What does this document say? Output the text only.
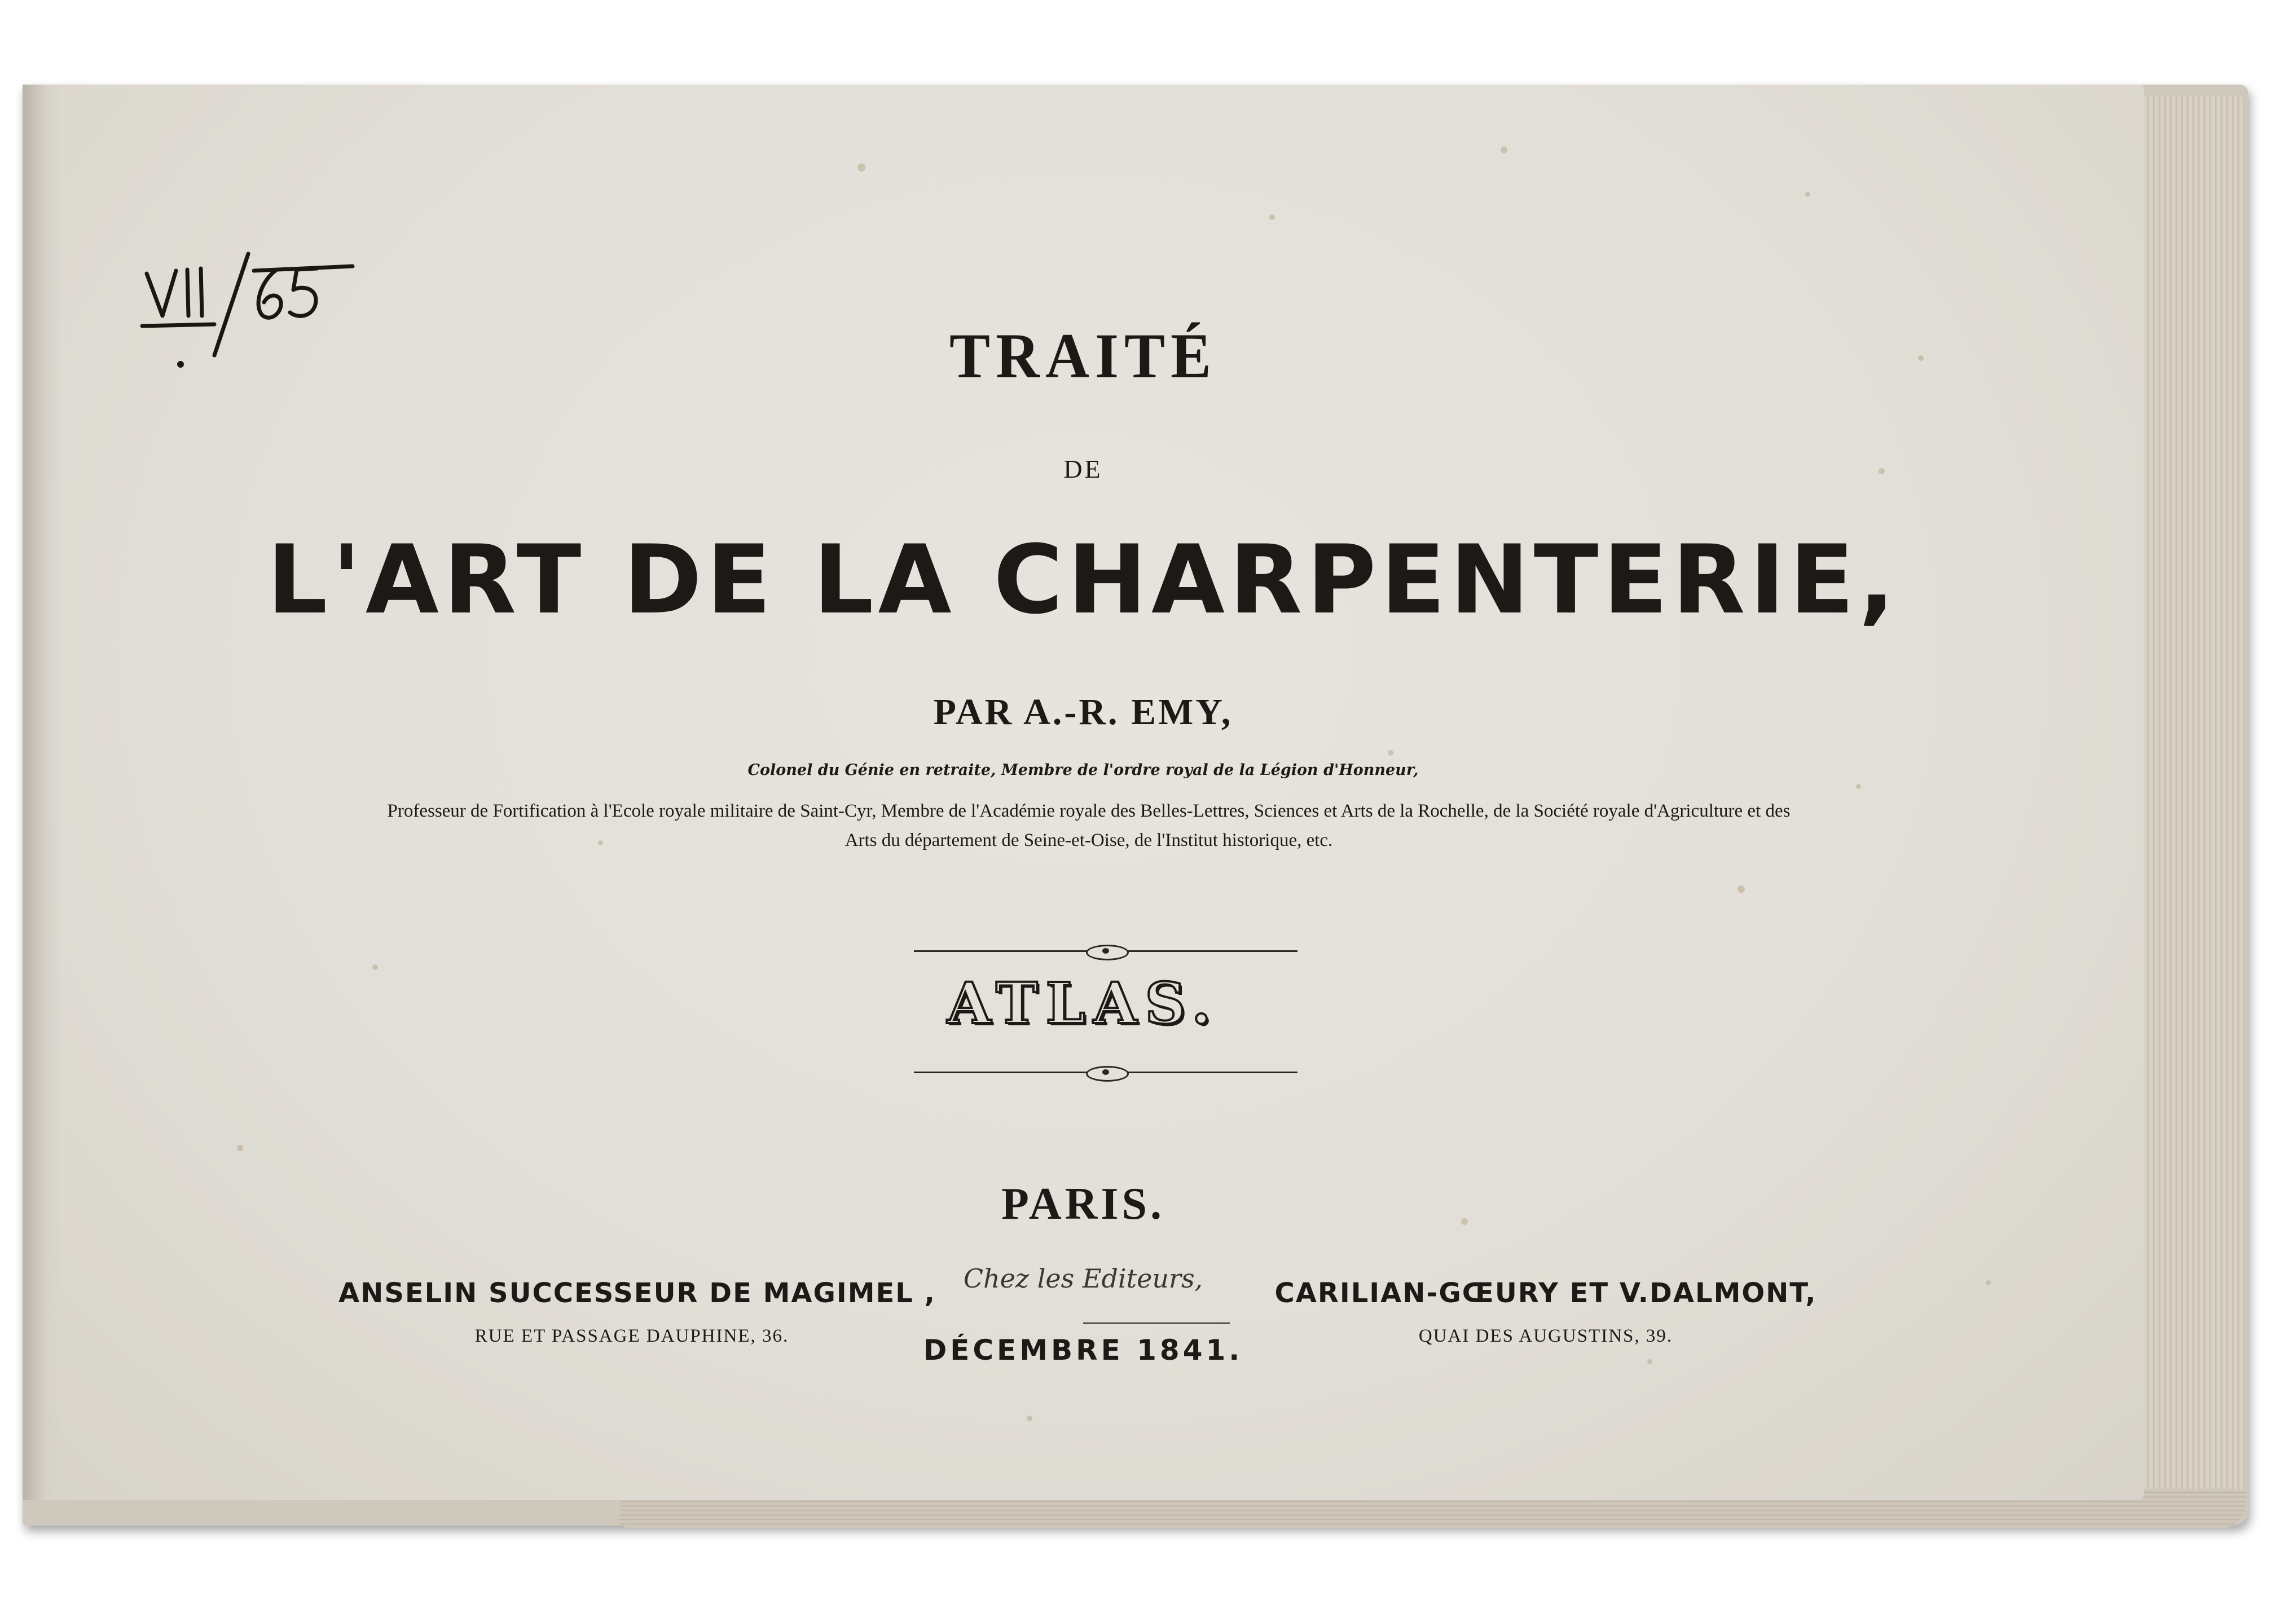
TRAITÉ
DE
L'ART DE LA CHARPENTERIE,
PAR A.-R. EMY,
Colonel du Génie en retraite, Membre de l'ordre royal de la Légion d'Honneur,
Professeur de Fortification à l'Ecole royale militaire de Saint-Cyr, Membre de l'Académie royale des Belles-Lettres, Sciences et Arts de la Rochelle, de la Société royale d'Agriculture et des Arts du département de Seine-et-Oise, de l'Institut historique, etc.
ATLAS.
PARIS.
Chez les Editeurs,
DÉCEMBRE 1841.
ANSELIN SUCCESSEUR DE MAGIMEL ,
RUE ET PASSAGE DAUPHINE, 36.
CARILIAN-GŒURY ET V.DALMONT,
QUAI DES AUGUSTINS, 39.
